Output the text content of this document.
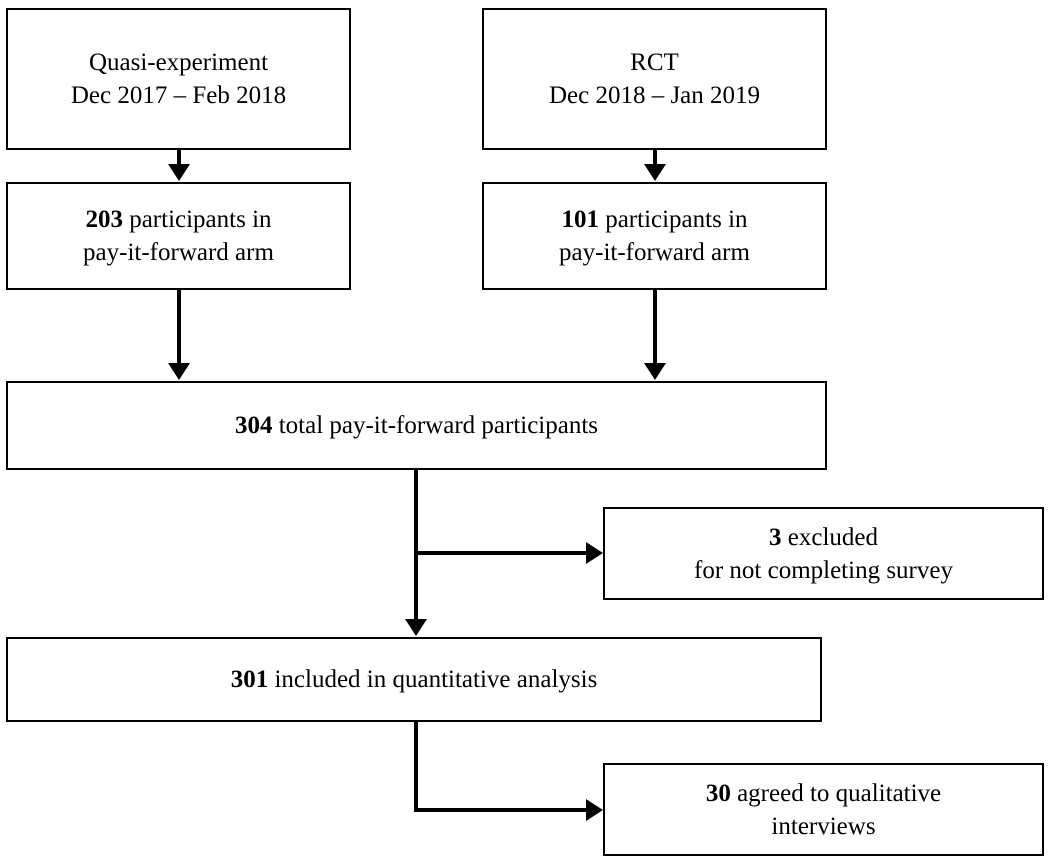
Quasi-experiment
Dec 2017 – Feb 2018
RCT
Dec 2018 – Jan 2019
203 participants in
pay-it-forward arm
101 participants in
pay-it-forward arm
304 total pay-it-forward participants
3 excluded
for not completing survey
301 included in quantitative analysis
30 agreed to qualitative
interviews
